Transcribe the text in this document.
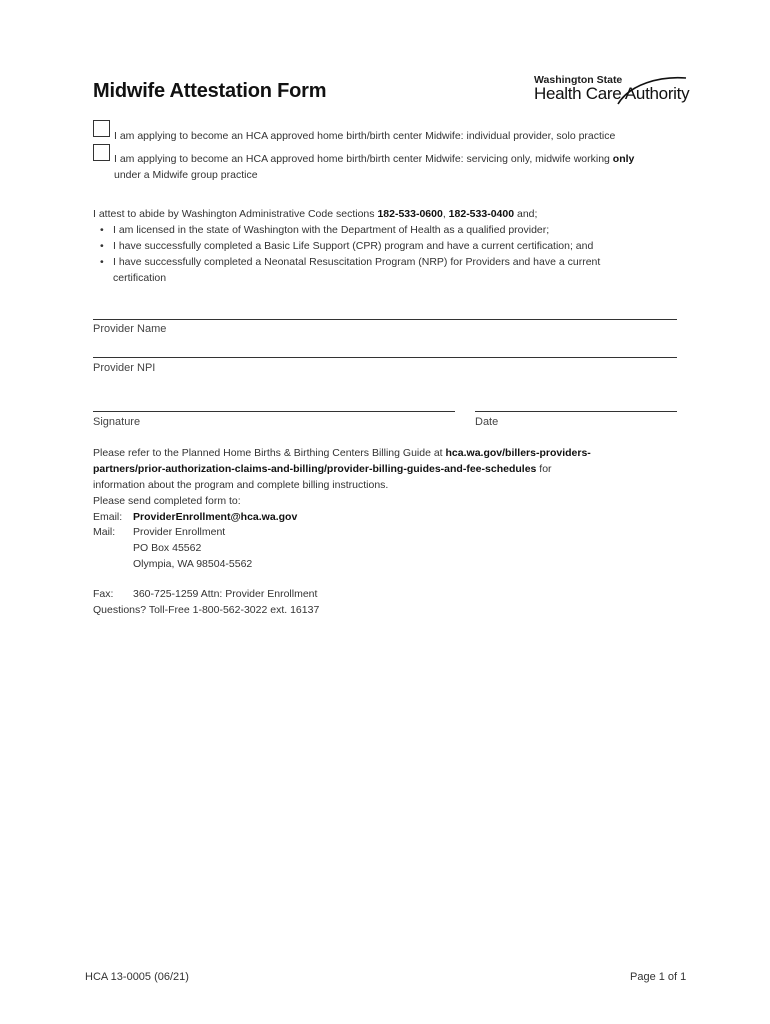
Midwife Attestation Form	Washington State
Health Care Authority
I am applying to become an HCA approved home birth/birth center Midwife: individual provider, solo practice
I am applying to become an HCA approved home birth/birth center Midwife: servicing only, midwife working only
under a Midwife group practice
I attest to abide by Washington Administrative Code sections 182-533-0600, 182-533-0400 and;
• I am licensed in the state of Washington with the Department of Health as a qualified provider;
• I have successfully completed a Basic Life Support (CPR) program and have a current certification; and
• I have successfully completed a Neonatal Resuscitation Program (NRP) for Providers and have a current certification
Provider Name
Provider NPI
Signature	Date
Please refer to the Planned Home Births & Birthing Centers Billing Guide at hca.wa.gov/billers-providers-
partners/prior-authorization-claims-and-billing/provider-billing-guides-and-fee-schedules for
information about the program and complete billing instructions.
Please send completed form to:
Email: ProviderEnrollment@hca.wa.gov
Mail: Provider Enrollment
PO Box 45562
Olympia, WA 98504-5562
Fax: 360-725-1259 Attn: Provider Enrollment
Questions? Toll-Free 1-800-562-3022 ext. 16137
HCA 13-0005 (06/21)	Page 1 of 1
